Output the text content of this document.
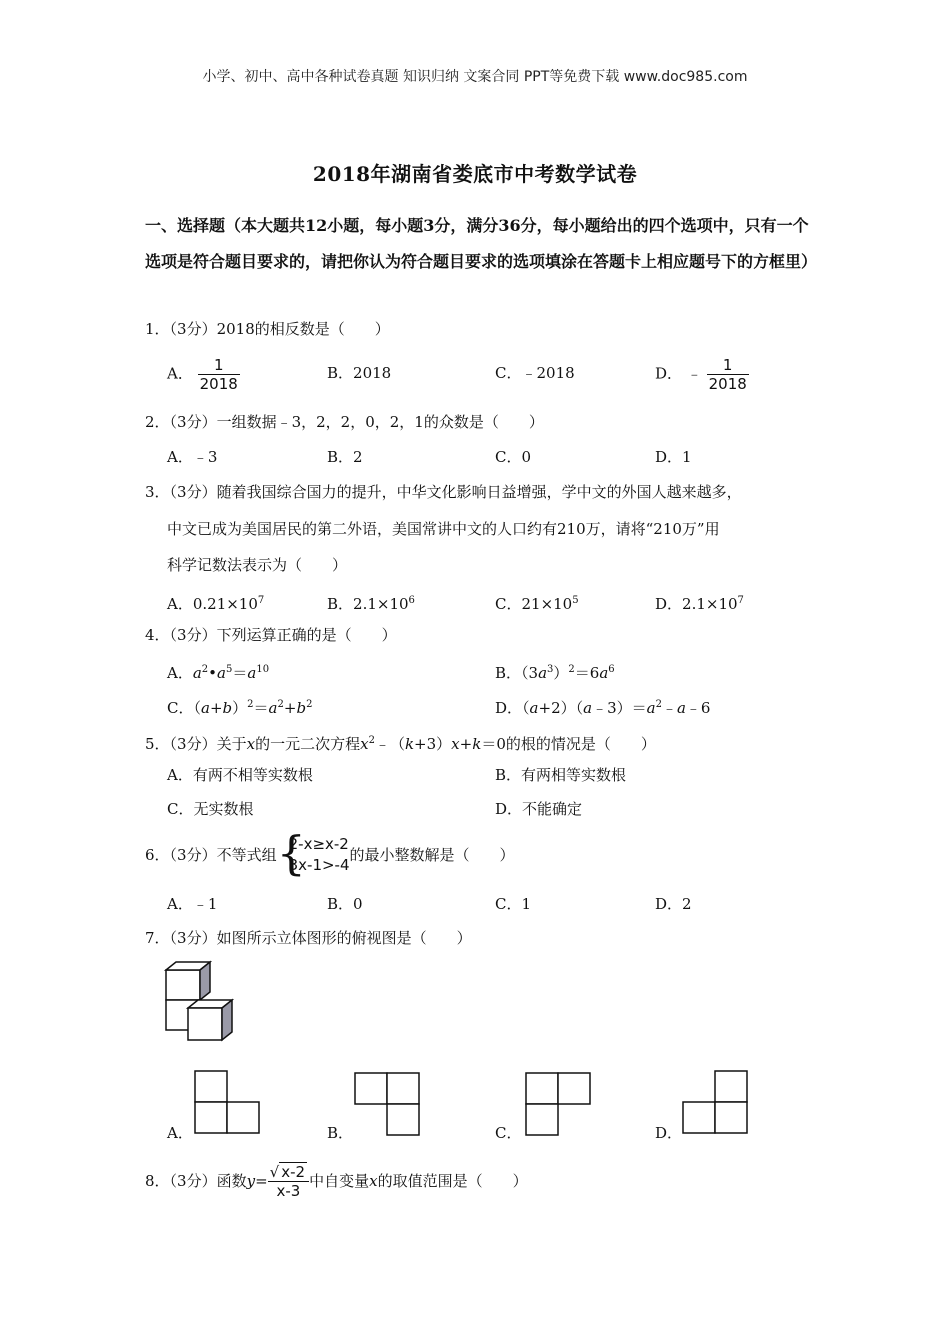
小学、初中、高中各种试卷真题 知识归纳 文案合同 PPT等免费下载 www.doc985.com
2018年湖南省娄底市中考数学试卷
一、选择题（本大题共12小题，每小题3分，满分36分，每小题给出的四个选项中，只有一个选项是符合题目要求的，请把你认为符合题目要求的选项填涂在答题卡上相应题号下的方框里）
1．（3分）2018的相反数是（　　）
A． $\frac{1}{2018}$	B．2018	C．﹣2018	D． ﹣ $\frac{1}{2018}$
2．（3分）一组数据﹣3，2，2，0，2，1的众数是（　　）
A．﹣3	B．2	C．0	D．1
3．（3分）随着我国综合国力的提升，中华文化影响日益增强，学中文的外国人越来越多，
中文已成为美国居民的第二外语，美国常讲中文的人口约有210万，请将“210万”用
科学记数法表示为（　　）
A．$0.21\times 10^7$	B．$2.1\times 10^6$	C．$21\times 10^5$	D．$2.1\times 10^7$
4．（3分）下列运算正确的是（　　）
A．$a^2•a^5=a^{10}$	B．$(3a^3)^2=6a^6$
C．$(a+b)^2=a^2+b^2$	D．$(a+2)(a﹣3)=a^2﹣a﹣6$
5．（3分）关于x的一元二次方程$x^2﹣(k+3)x+k=0$的根的情况是（　　）
A．有两不相等实数根	B．有两相等实数根
C．无实数根	D．不能确定
6．（3分）不等式组 {
2-x≥x-2
3x-1>-4
的最小整数解是（　　）
A．﹣1	B．0	C．1	D．2
7．（3分）如图所示立体图形的俯视图是（　　）
A．	B．	C．	D．
8．（3分）函数$y= \frac{√ x-2}{x-3}$ 中自变量x的取值范围是（　　）
